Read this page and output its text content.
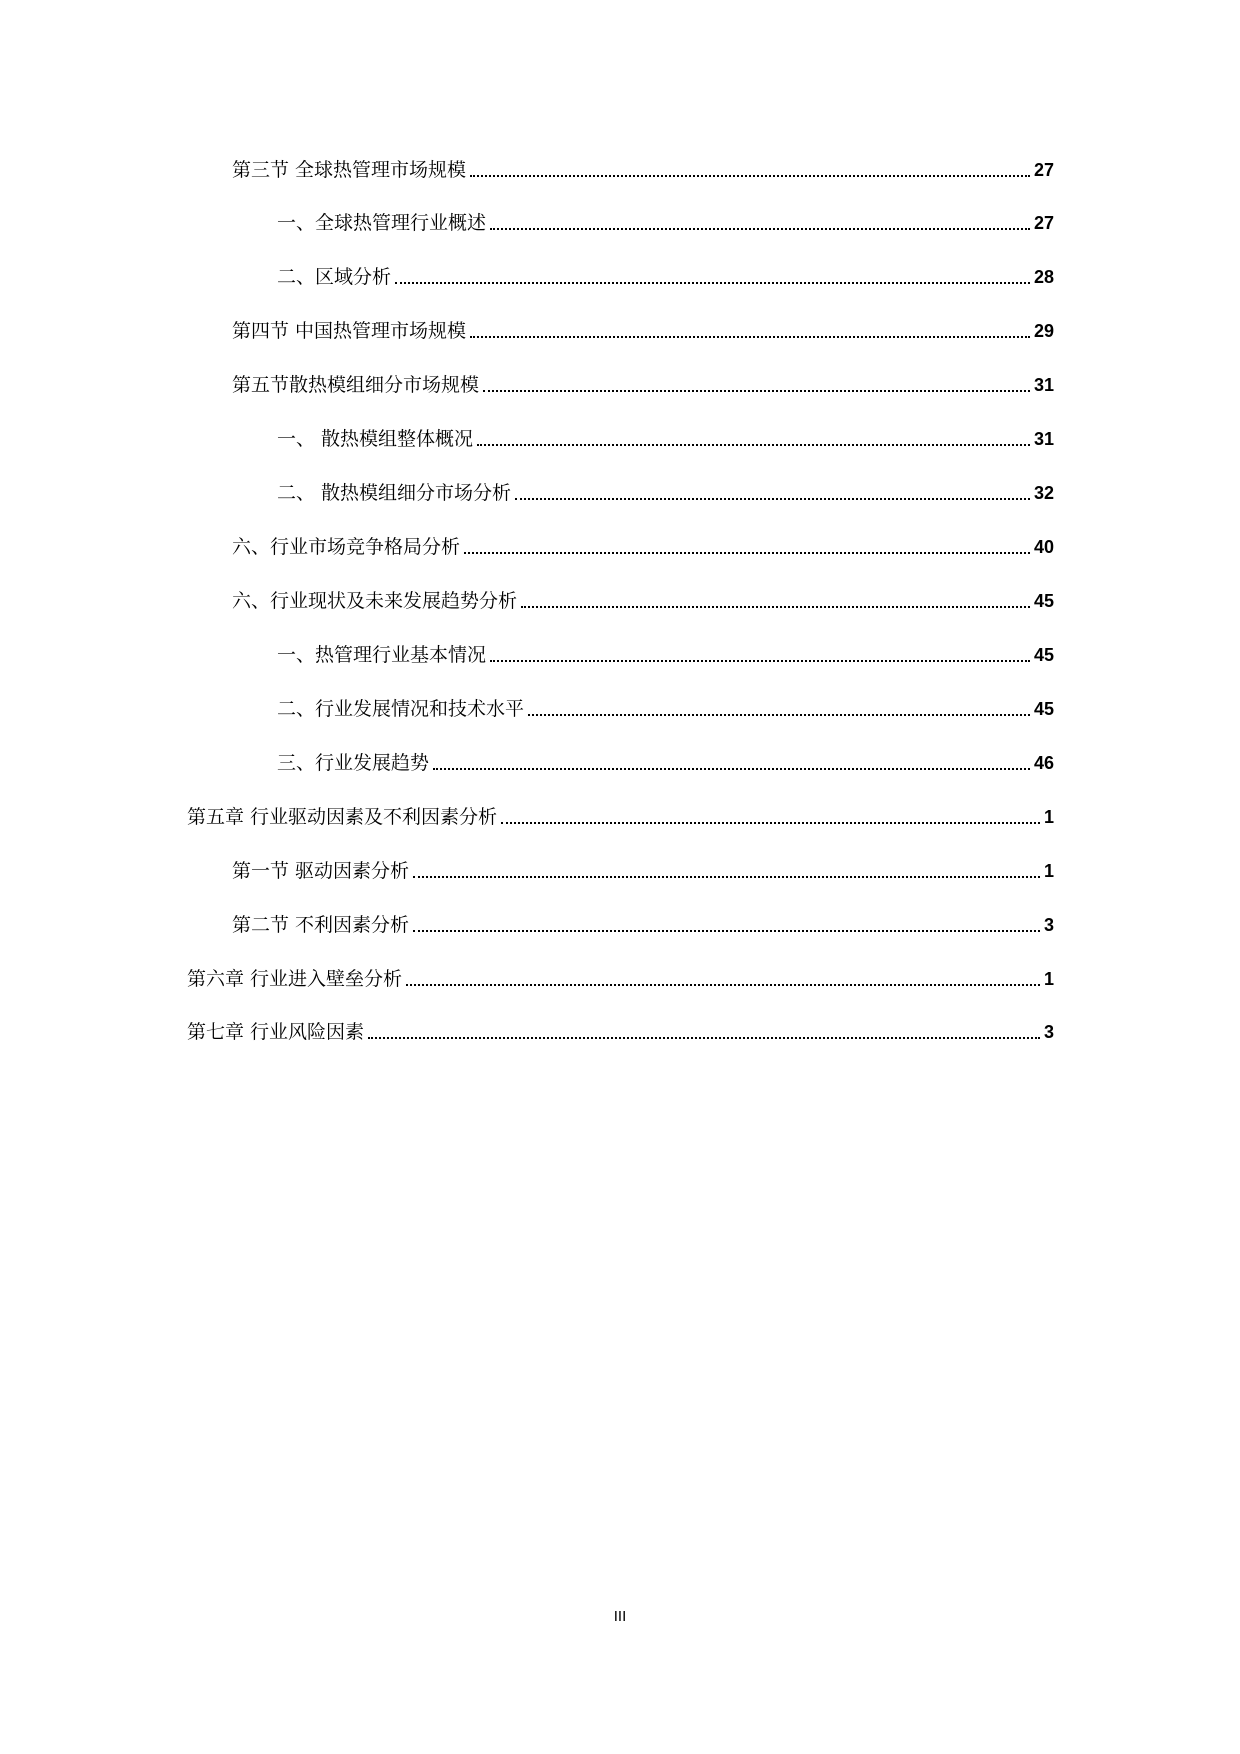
第三节 全球热管理市场规模	27
一、全球热管理行业概述	27
二、区域分析	28
第四节 中国热管理市场规模	29
第五节散热模组细分市场规模	31
一、 散热模组整体概况	31
二、 散热模组细分市场分析	32
六、行业市场竞争格局分析	40
六、行业现状及未来发展趋势分析	45
一、热管理行业基本情况	45
二、行业发展情况和技术水平	45
三、行业发展趋势	46
第五章 行业驱动因素及不利因素分析	1
第一节 驱动因素分析	1
第二节 不利因素分析	3
第六章 行业进入壁垒分析	1
第七章 行业风险因素	3
III
